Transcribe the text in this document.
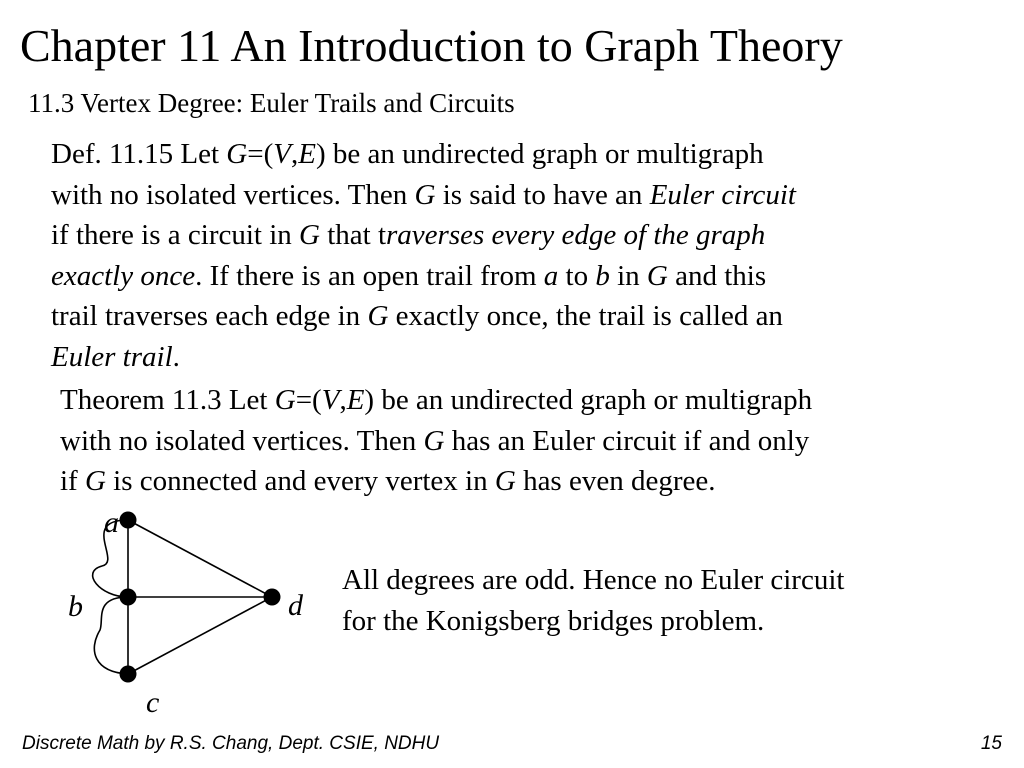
Chapter 11 An Introduction to Graph Theory
11.3 Vertex Degree: Euler Trails and Circuits

Def. 11.15 Let G=(V,E) be an undirected graph or multigraph

with no isolated vertices. Then G is said to have an Euler circuit

if there is a circuit in G that traverses every edge of the graph

exactly once. If there is an open trail from a to b in G and this

trail traverses each edge in G exactly once, the trail is called an

Euler trail.

Theorem 11.3 Let G=(V,E) be an undirected graph or multigraph

with no isolated vertices. Then G has an Euler circuit if and only

if G is connected and every vertex in G has even degree.

a
b
c
d

All degrees are odd. Hence no Euler circuit

for the Konigsberg bridges problem.

Discrete Math by R.S. Chang, Dept. CSIE, NDHU	15
